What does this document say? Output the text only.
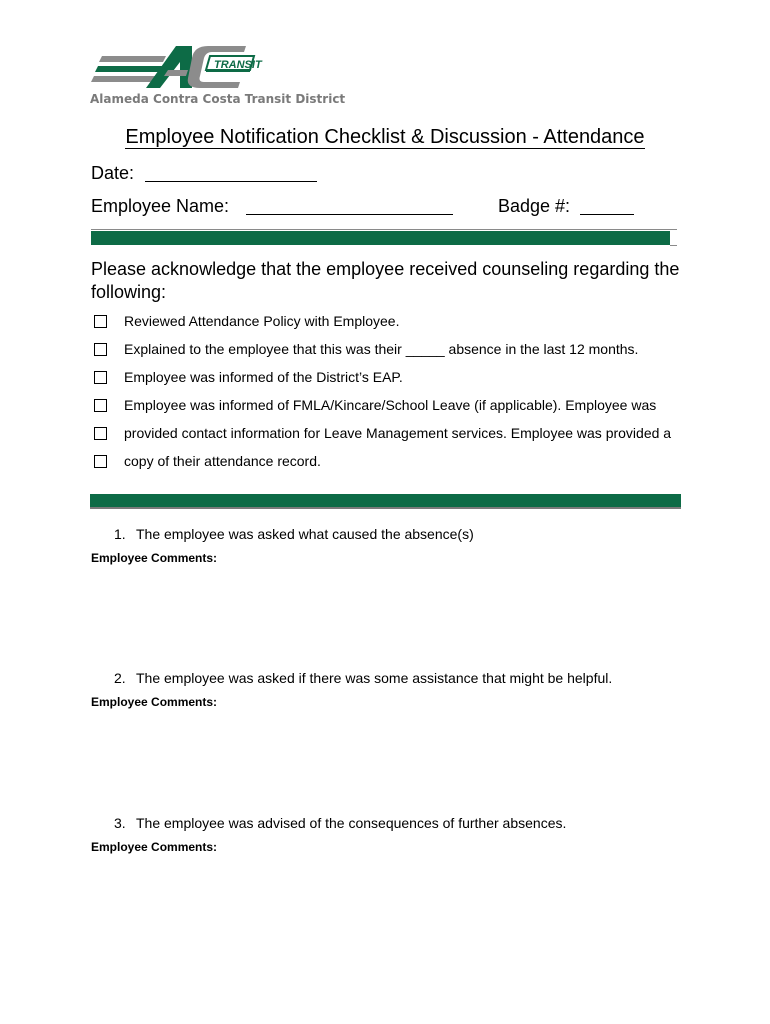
TRANSIT
Alameda Contra Costa Transit District
Employee Notification Checklist & Discussion - Attendance
Date:
Employee Name:	Badge #:
Please acknowledge that the employee received counseling regarding the following:
Reviewed Attendance Policy with Employee.
Explained to the employee that this was their _____ absence in the last 12 months.
Employee was informed of the District’s EAP.
Employee was informed of FMLA/Kincare/School Leave (if applicable). Employee was
provided contact information for Leave Management services. Employee was provided a
copy of their attendance record.
1. The employee was asked what caused the absence(s)
Employee Comments:
2. The employee was asked if there was some assistance that might be helpful.
Employee Comments:
3. The employee was advised of the consequences of further absences.
Employee Comments:
